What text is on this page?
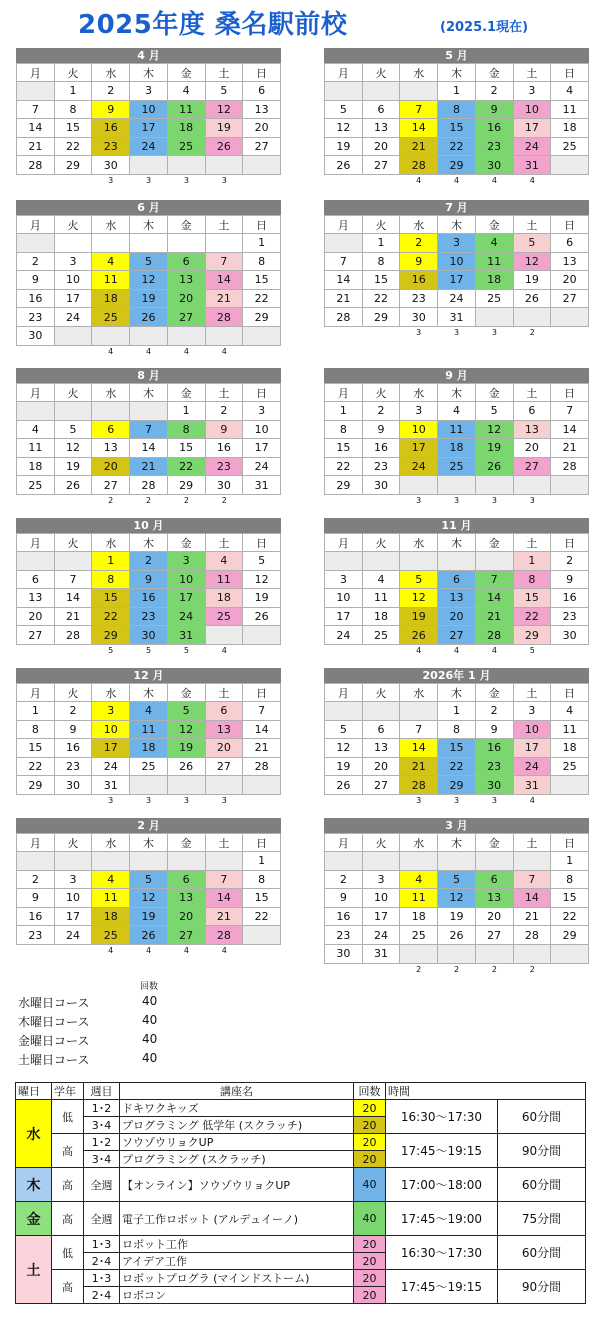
2025年度 桑名駅前校	(2025.1現在)
4 月
月	火	水	木	金	土	日
	1	2	3	4	5	6
7	8	9	10	11	12	13
14	15	16	17	18	19	20
21	22	23	24	25	26	27
28	29	30				
3	3	3	3
5 月
月	火	水	木	金	土	日
			1	2	3	4
5	6	7	8	9	10	11
12	13	14	15	16	17	18
19	20	21	22	23	24	25
26	27	28	29	30	31	
4	4	4	4
6 月
月	火	水	木	金	土	日
						1
2	3	4	5	6	7	8
9	10	11	12	13	14	15
16	17	18	19	20	21	22
23	24	25	26	27	28	29
30						
4	4	4	4
7 月
月	火	水	木	金	土	日
	1	2	3	4	5	6
7	8	9	10	11	12	13
14	15	16	17	18	19	20
21	22	23	24	25	26	27
28	29	30	31			
3	3	3	2
8 月
月	火	水	木	金	土	日
				1	2	3
4	5	6	7	8	9	10
11	12	13	14	15	16	17
18	19	20	21	22	23	24
25	26	27	28	29	30	31
2	2	2	2
9 月
月	火	水	木	金	土	日
1	2	3	4	5	6	7
8	9	10	11	12	13	14
15	16	17	18	19	20	21
22	23	24	25	26	27	28
29	30					
3	3	3	3
10 月
月	火	水	木	金	土	日
		1	2	3	4	5
6	7	8	9	10	11	12
13	14	15	16	17	18	19
20	21	22	23	24	25	26
27	28	29	30	31		
5	5	5	4
11 月
月	火	水	木	金	土	日
					1	2
3	4	5	6	7	8	9
10	11	12	13	14	15	16
17	18	19	20	21	22	23
24	25	26	27	28	29	30
4	4	4	5
12 月
月	火	水	木	金	土	日
1	2	3	4	5	6	7
8	9	10	11	12	13	14
15	16	17	18	19	20	21
22	23	24	25	26	27	28
29	30	31				
3	3	3	3
2026年 1 月
月	火	水	木	金	土	日
			1	2	3	4
5	6	7	8	9	10	11
12	13	14	15	16	17	18
19	20	21	22	23	24	25
26	27	28	29	30	31	
3	3	3	4
2 月
月	火	水	木	金	土	日
						1
2	3	4	5	6	7	8
9	10	11	12	13	14	15
16	17	18	19	20	21	22
23	24	25	26	27	28	
4	4	4	4
3 月
月	火	水	木	金	土	日
						1
2	3	4	5	6	7	8
9	10	11	12	13	14	15
16	17	18	19	20	21	22
23	24	25	26	27	28	29
30	31					
2	2	2	2
回数
水曜日コース	40
木曜日コース	40
金曜日コース	40
土曜日コース	40
曜日	学年	週目	講座名	回数	時間	
水	低	1･2	ドキワクキッズ	20	16:30～17:30	60分間
		3･4	プログラミング 低学年 (スクラッチ)	20		
	高	1･2	ソウゾウリョクUP	20	17:45～19:15	90分間
		3･4	プログラミング (スクラッチ)	20		
木	高	全週	【オンライン】ソウゾウリョクUP	40	17:00～18:00	60分間
金	高	全週	電子工作ロボット (アルデュイーノ)	40	17:45～19:00	75分間
土	低	1･3	ロボット工作	20	16:30～17:30	60分間
		2･4	アイデア工作	20		
	高	1･3	ロボットプログラ (マインドストーム)	20	17:45～19:15	90分間
		2･4	ロボコン	20		
